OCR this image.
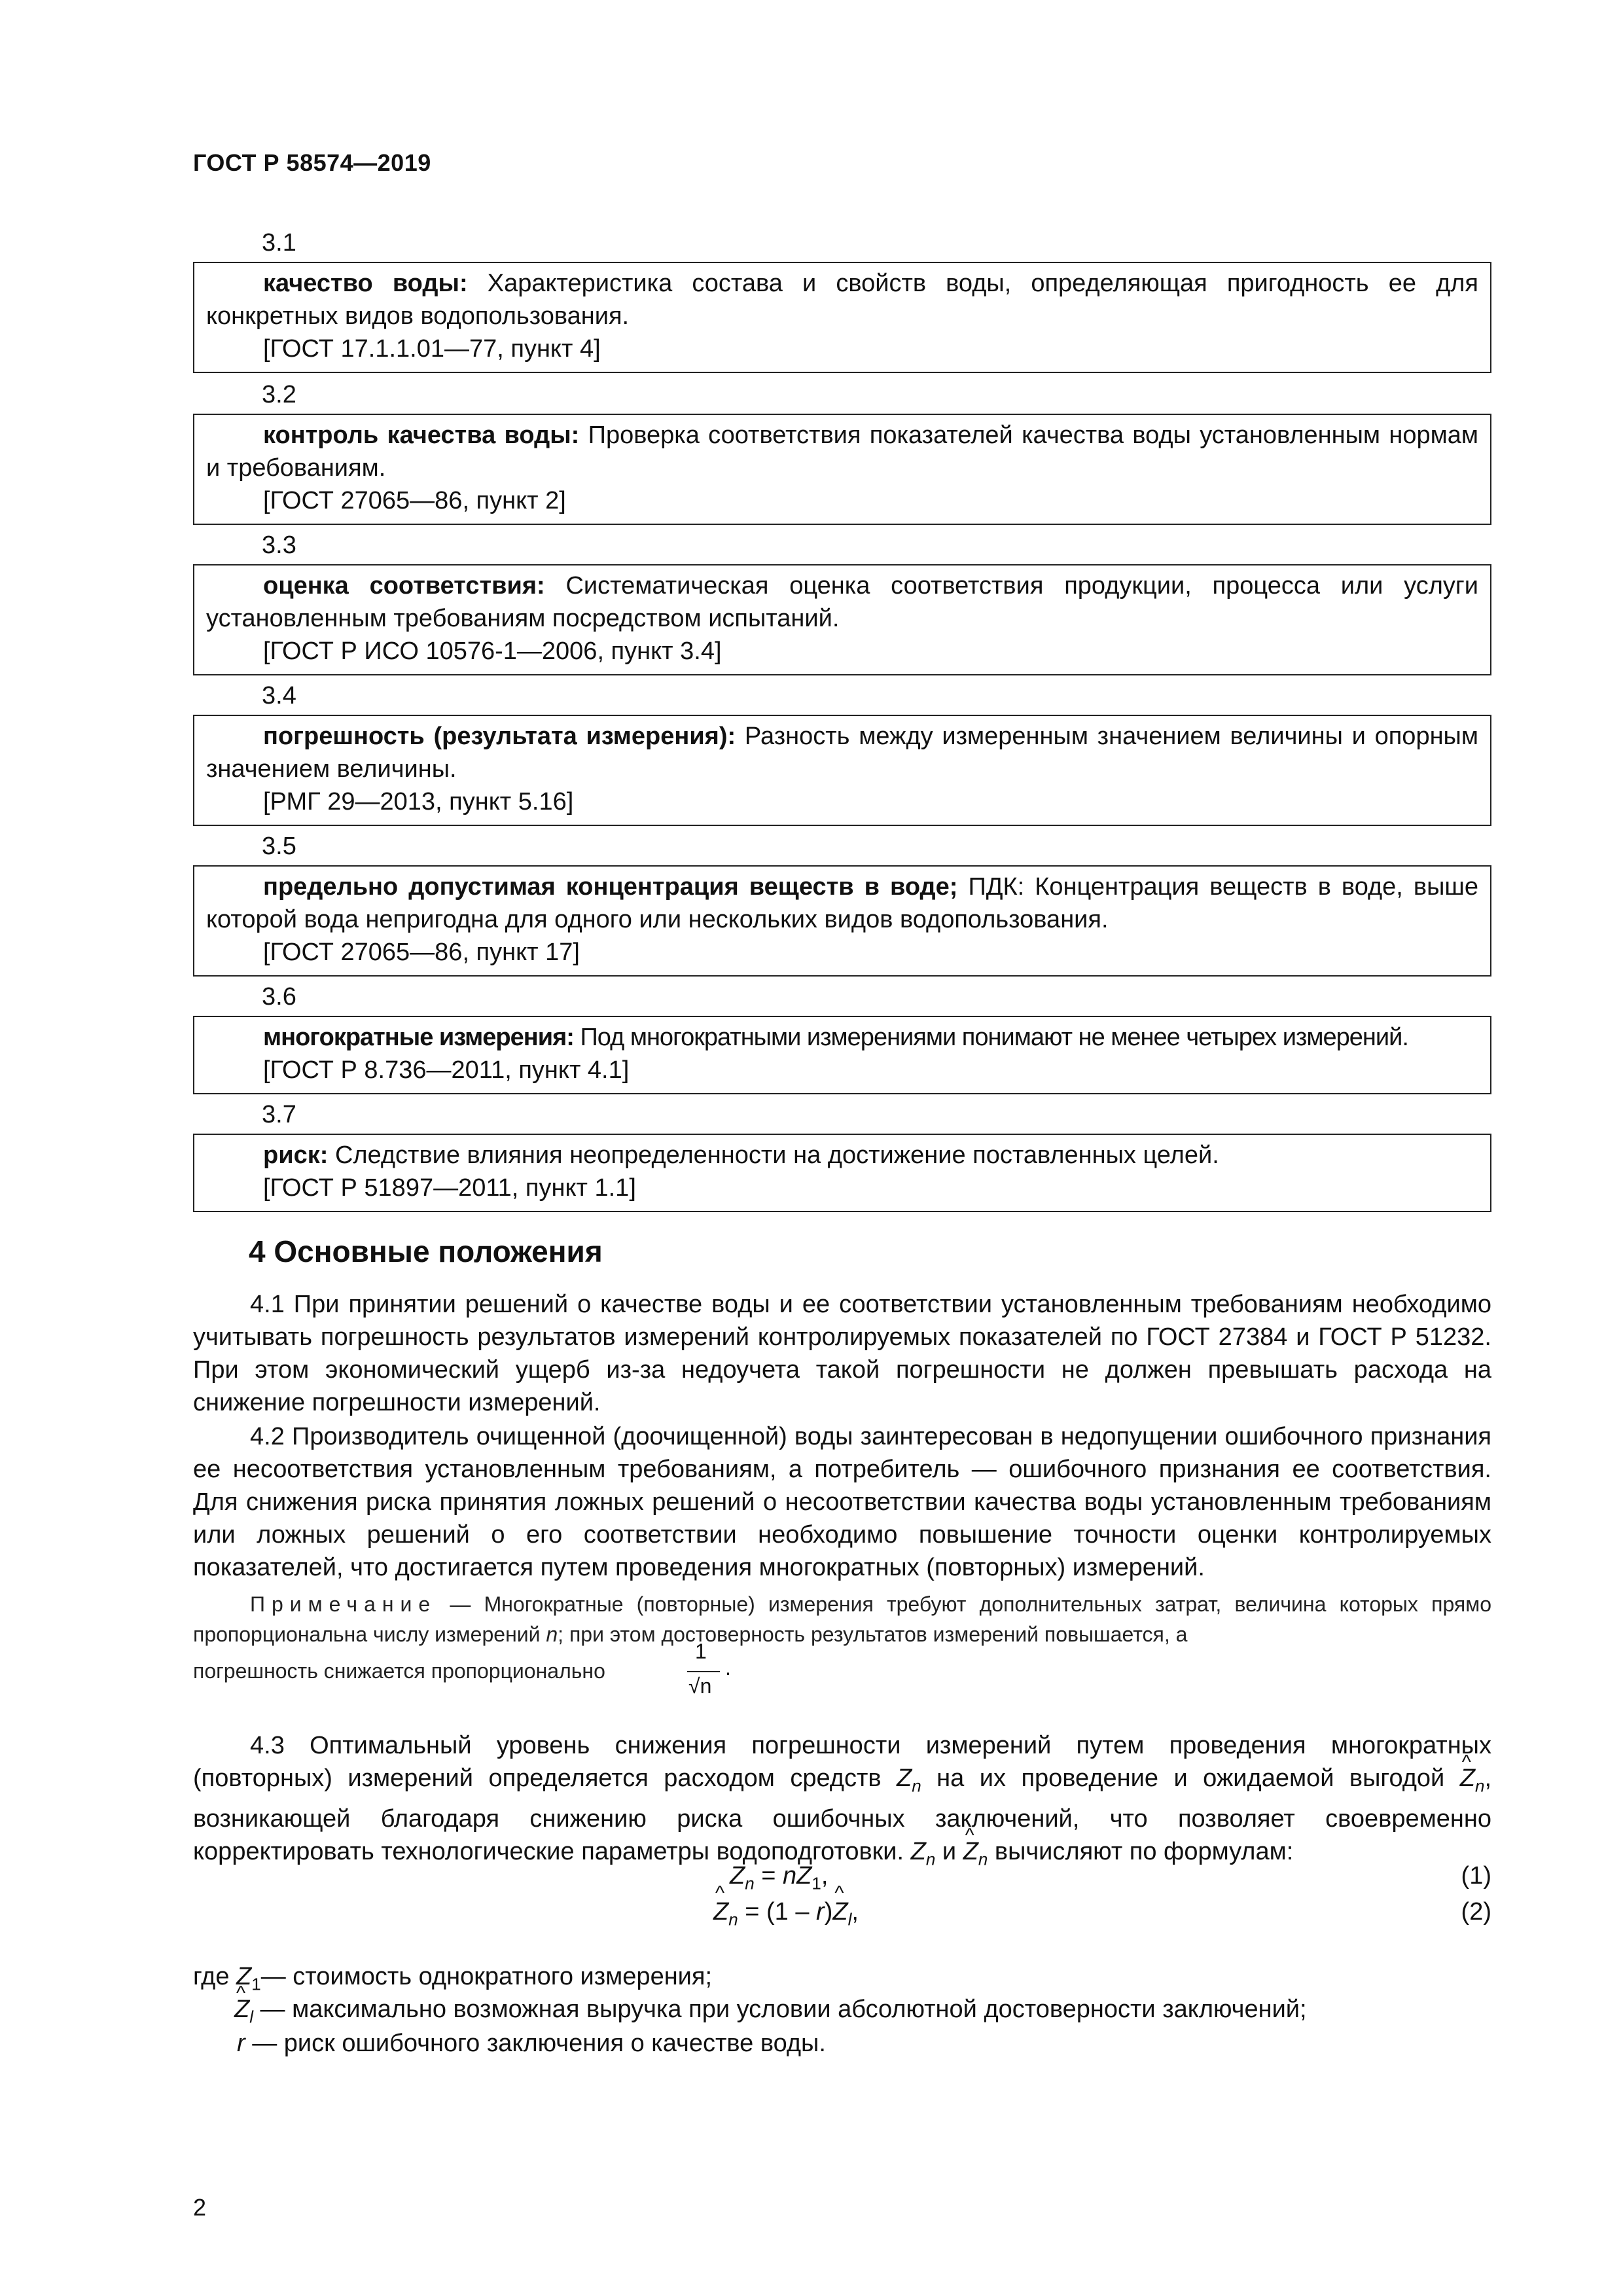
ГОСТ Р 58574—2019
3.1

качество воды: Характеристика состава и свойств воды, определяющая пригодность ее для конкретных видов водопользования.

[ГОСТ 17.1.1.01—77, пункт 4]

3.2

контроль качества воды: Проверка соответствия показателей качества воды установленным нормам и требованиям.

[ГОСТ 27065—86, пункт 2]

3.3

оценка соответствия: Систематическая оценка соответствия продукции, процесса или услуги установленным требованиям посредством испытаний.

[ГОСТ Р ИСО 10576-1—2006, пункт 3.4]

3.4

погрешность (результата измерения): Разность между измеренным значением величины и опорным значением величины.

[РМГ 29—2013, пункт 5.16]

3.5

предельно допустимая концентрация веществ в воде; ПДК: Концентрация веществ в воде, выше которой вода непригодна для одного или нескольких видов водопользования.

[ГОСТ 27065—86, пункт 17]

3.6

многократные измерения: Под многократными измерениями понимают не менее четырех измерений.

[ГОСТ Р 8.736—2011, пункт 4.1]

3.7

риск: Следствие влияния неопределенности на достижение поставленных целей.

[ГОСТ Р 51897—2011, пункт 1.1]

4 Основные положения

4.1 При принятии решений о качестве воды и ее соответствии установленным требованиям необходимо учитывать погрешность результатов измерений контролируемых показателей по ГОСТ 27384 и ГОСТ Р 51232. При этом экономический ущерб из-за недоучета такой погрешности не должен превышать расхода на снижение погрешности измерений.

4.2 Производитель очищенной (доочищенной) воды заинтересован в недопущении ошибочного признания ее несоответствия установленным требованиям, а потребитель — ошибочного признания ее соответствия. Для снижения риска принятия ложных решений о несоответствии качества воды установленным требованиям или ложных решений о его соответствии необходимо повышение точности оценки контролируемых показателей, что достигается путем проведения многократных (повторных) измерений.

Примечание — Многократные (повторные) измерения требуют дополнительных затрат, величина которых прямо пропорциональна числу измерений n; при этом достоверность результатов измерений повышается, а

погрешность снижается пропорционально
1
√n
.

4.3 Оптимальный уровень снижения погрешности измерений путем проведения многократных (повторных) измерений определяется расходом средств $Z_n$ на их проведение и ожидаемой выгодой ^ $Z_n$, возникающей благодаря снижению риска ошибочных заключений, что позволяет своевременно корректировать технологические параметры водоподготовки. $Z_n$ и ^ $Z_n$ вычисляют по формулам:

$Z_n = nZ_1$,	(1)
^ $Z_n = (1$ – r)^ $Z_l$,	(2)
где $Z_1—$ стоимость однократного измерения;
^ $Z_l$ — максимально возможная выручка при условии абсолютной достоверности заключений;
r — риск ошибочного заключения о качестве воды.
2
